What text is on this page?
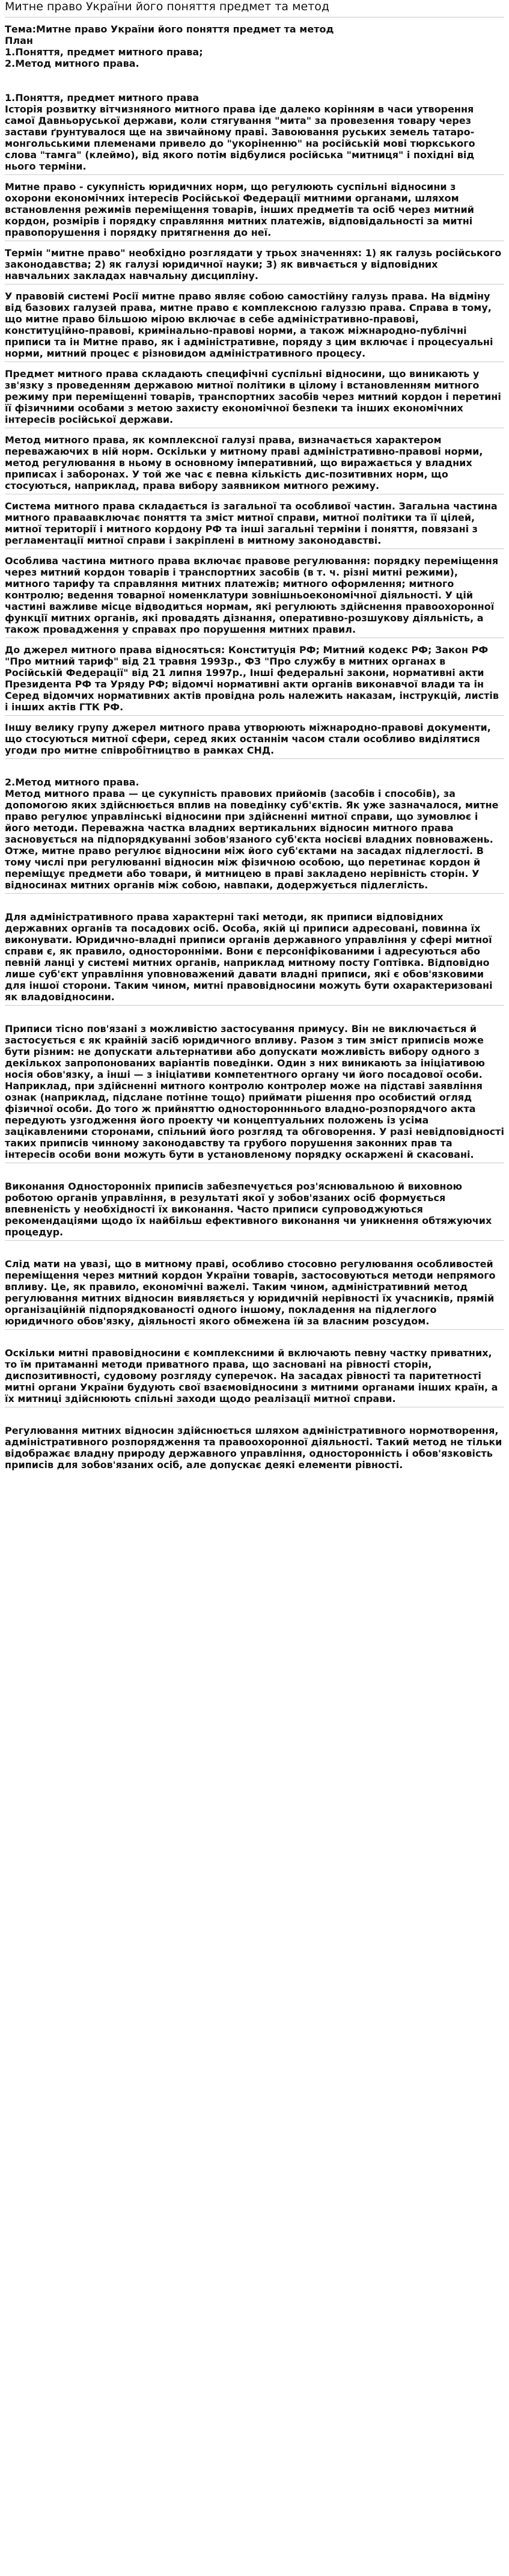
Митне право України його поняття предмет та метод

Тема:Митне право України його поняття предмет та метод

План

1.Поняття, предмет митного права;

2.Метод митного права.

1.Поняття, предмет митного права

Історія розвитку вітчизняного митного права іде далеко корінням в часи утворення самої Давньоруської держави, коли стягування "мита" за провезення товару через застави ґрунтувалося ще на звичайному праві. Завоювання руських земель татаро-монгольськими племенами привело до "укоріненню" на російській мові тюркського слова "тамга" (клеймо), від якого потім відбулися російська "митниця" і похідні від нього терміни.

Митне право - сукупність юридичних норм, що регулюють суспільні відносини з охорони економічних інтересів Російської Федерації митними органами, шляхом встановлення режимів переміщення товарів, інших предметів та осіб через митний кордон, розмірів і порядку справляння митних платежів, відповідальності за митні правопорушення і порядку притягнення до неї.

Термін "митне право" необхідно розглядати у трьох значеннях: 1) як галузь російського законодавства; 2) як галузі юридичної науки; 3) як вивчається у відповідних навчальних закладах навчальну дисципліну.

У правовій системі Росії митне право являє собою самостійну галузь права. На відміну від базових галузей права, митне право є комплексною галуззю права. Справа в тому, що митне право більшою мірою включає в себе адміністративно-правові, конституційно-правові, кримінально-правові норми, а також міжнародно-публічні приписи та ін Митне право, як і адміністративне, поряду з цим включає і процесуальні норми, митний процес є різновидом адміністративного процесу.

Предмет митного права складають специфічні суспільні відносини, що виникають у зв'язку з проведенням державою митної політики в цілому і встановленням митного режиму при переміщенні товарів, транспортних засобів через митний кордон і перетині її фізичними особами з метою захисту економічної безпеки та інших економічних інтересів російської держави.

Метод митного права, як комплексної галузі права, визначається характером переважаючих в ній норм. Оскільки у митному праві адміністративно-правові норми, метод регулювання в ньому в основному імперативний, що виражається у владних приписах і заборонах. У той же час є певна кількість дис-позитивних норм, що стосуються, наприклад, права вибору заявником митного режиму.

Система митного права складається із загальної та особливої частин. Загальна частина митного праваавключає поняття та зміст митної справи, митної політики та її цілей, митної території і митного кордону РФ та інші загальні терміни і поняття, повязані з регламентації митної справи і закріплені в митному законодавстві.

Особлива частина митного права включає правове регулювання: порядку переміщення через митний кордон товарів і транспортних засобів (в т. ч. різні митні режими), митного тарифу та справляння митних платежів; митного оформлення; митного контролю; ведення товарної номенклатури зовнішньоекономічної діяльності. У цій частині важливе місце відводиться нормам, які регулюють здійснення правоохоронної функції митних органів, які провадять дізнання, оперативно-розшукову діяльність, а також провадження у справах про порушення митних правил.

До джерел митного права відносяться: Конституція РФ; Митний кодекс РФ; Закон РФ "Про митний тариф" від 21 травня 1993р., ФЗ "Про службу в митних органах в Російській Федерації" від 21 липня 1997р., Інші федеральні закони, нормативні акти Президента РФ та Уряду РФ; відомчі нормативні акти органів виконавчої влади та ін Серед відомчих нормативних актів провідна роль належить наказам, інструкцій, листів і інших актів ГТК РФ.

Іншу велику групу джерел митного права утворюють міжнародно-правові документи, що стосуються митної сфери, серед яких останнім часом стали особливо виділятися угоди про митне співробітництво в рамках СНД.

2.Метод митного права.

Метод митного права — це сукупність правових прийомів (засобів і способів), за допомогою яких здійснюється вплив на поведінку суб'єктів. Як уже зазначалося, митне право регулює управлінські відносини при здійсненні митної справи, що зумовлює і його методи. Переважна частка владних вертикальних відносин митного права засновується на підпорядкуванні зобов'язаного суб'єкта носієві владних повноважень. Отже, митне право регулює відносини між його суб'єктами на засадах підлеглості. В тому числі при регулюванні відносин між фізичною особою, що перетинає кордон й переміщує предмети або товари, й митницею в праві закладено нерівність сторін. У відносинах митних органів між собою, навпаки, додержується підлеглість.

Для адміністративного права характерні такі методи, як приписи відповідних державних органів та посадових осіб. Особа, якій ці приписи адресовані, повинна їх виконувати. Юридично-владні приписи органів державного управління у сфері митної справи є, як правило, односторонніми. Вони є персоніфікованими і адресуються або певній ланці у системі митних органів, наприклад митному посту Гоптівка. Відповідно лише суб'єкт управління уповноважений давати владні приписи, які є обов'язковими для іншої сторони. Таким чином, митні правовідносини можуть бути охарактеризовані як владовідносини.

Приписи тісно пов'язані з можливістю застосування примусу. Він не виключається й застосується є як крайній засіб юридичного впливу. Разом з тим зміст приписів може бути різним: не допускати альтернативи або допускати можливість вибору одного з декількох запропонованих варіантів поведінки. Один з них виникають за ініціативою носія обов'язку, а інші — з ініціативи компетентного органу чи його посадової особи. Наприклад, при здійсненні митного контролю контролер може на підставі заявління ознак (наприклад, підслане потінне тощо) приймати рішення про особистий огляд фізичної особи. До того ж прийняттю односторонннього владно-розпорядчого акта передують узгодження його проекту чи концептуальних положень із усіма зацікавленими сторонами, спільний його розгляд та обговорення. У разі невідповідності таких приписів чинному законодавству та грубого порушення законних прав та інтересів особи вони можуть бути в установленому порядку оскаржені й скасовані.

Виконання Односторонніх приписів забезпечується роз'яснювальною й виховною роботою органів управління, в результаті якої у зобов'язаних осіб формується впевненість у необхідності їх виконання. Часто приписи супроводжуються рекомендаціями щодо їх найбільш ефективного виконання чи уникнення обтяжуючих процедур.

Слід мати на увазі, що в митному праві, особливо стосовно регулювання особливостей переміщення через митний кордон України товарів, застосовуються методи непрямого впливу. Це, як правило, економічні важелі. Таким чином, адміністративний метод регулювання митних відносин виявляється у юридичній нерівності їх учасників, прямій організаційній підпорядкованості одного іншому, покладення на підлеглого юридичного обов'язку, діяльності якого обмежена їй за власним розсудом.

Оскільки митні правовідносини є комплексними й включають певну частку приватних, то їм притаманні методи приватного права, що засновані на рівності сторін, диспозитивності, судовому розгляду суперечок. На засадах рівності та паритетності митні органи України будують свої взаємовідносини з митними органами інших країн, а їх митниці здійснюють спільні заходи щодо реалізації митної справи.

Регулювання митних відносин здійснюється шляхом адміністративного нормотворення, адміністративного розпорядження та правоохоронної діяльності. Такий метод не тільки відображає владну природу державного управління, односторонність і обов'язковість приписів для зобов'язаних осіб, але допускає деякі елементи рівності.
